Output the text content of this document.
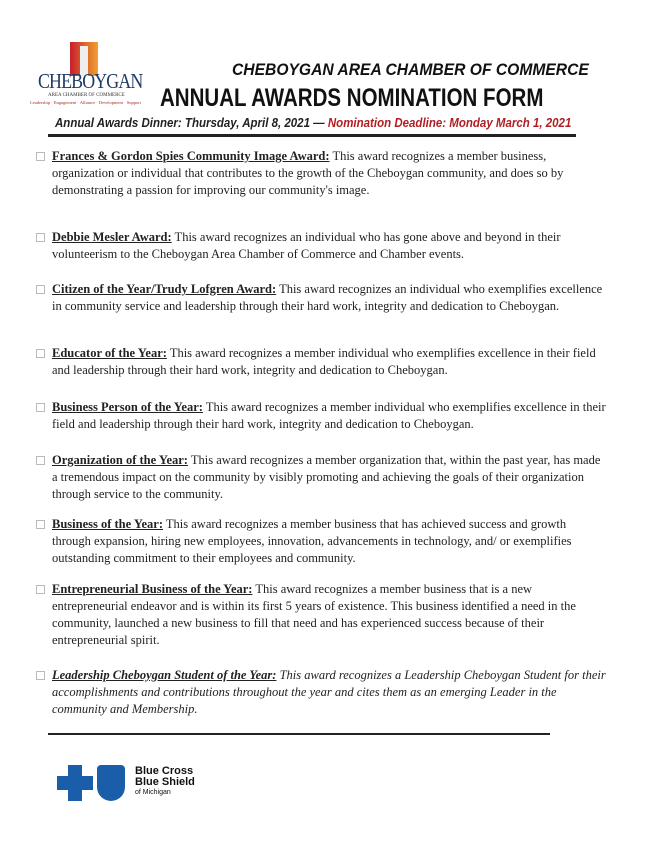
CHEBOYGAN
AREA CHAMBER OF COMMERCE
Leadership · Engagement · Alliance · Development · Support
CHEBOYGAN AREA CHAMBER OF COMMERCE
ANNUAL AWARDS NOMINATION FORM
Annual Awards Dinner: Thursday, April 8, 2021 — Nomination Deadline: Monday March 1, 2021
Frances & Gordon Spies Community Image Award: This award recognizes a member business, organization or individual that contributes to the growth of the Cheboygan community, and does so by demonstrating a passion for improving our community's image.
Debbie Mesler Award: This award recognizes an individual who has gone above and beyond in their volunteerism to the Cheboygan Area Chamber of Commerce and Chamber events.
Citizen of the Year/Trudy Lofgren Award: This award recognizes an individual who exemplifies excellence in community service and leadership through their hard work, integrity and dedication to Cheboygan.
Educator of the Year: This award recognizes a member individual who exemplifies excellence in their field and leadership through their hard work, integrity and dedication to Cheboygan.
Business Person of the Year: This award recognizes a member individual who exemplifies excellence in their field and leadership through their hard work, integrity and dedication to Cheboygan.
Organization of the Year: This award recognizes a member organization that, within the past year, has made a tremendous impact on the community by visibly promoting and achieving the goals of their organization through service to the community.
Business of the Year: This award recognizes a member business that has achieved success and growth through expansion, hiring new employees, innovation, advancements in technology, and/ or exemplifies outstanding commitment to their employees and community.
Entrepreneurial Business of the Year: This award recognizes a member business that is a new entrepreneurial endeavor and is within its first 5 years of existence. This business identified a need in the community, launched a new business to fill that need and has experienced success because of their entrepreneurial spirit.
Leadership Cheboygan Student of the Year: This award recognizes a Leadership Cheboygan Student for their accomplishments and contributions throughout the year and cites them as an emerging Leader in the community and Membership.
Blue Cross
Blue Shield
of Michigan
